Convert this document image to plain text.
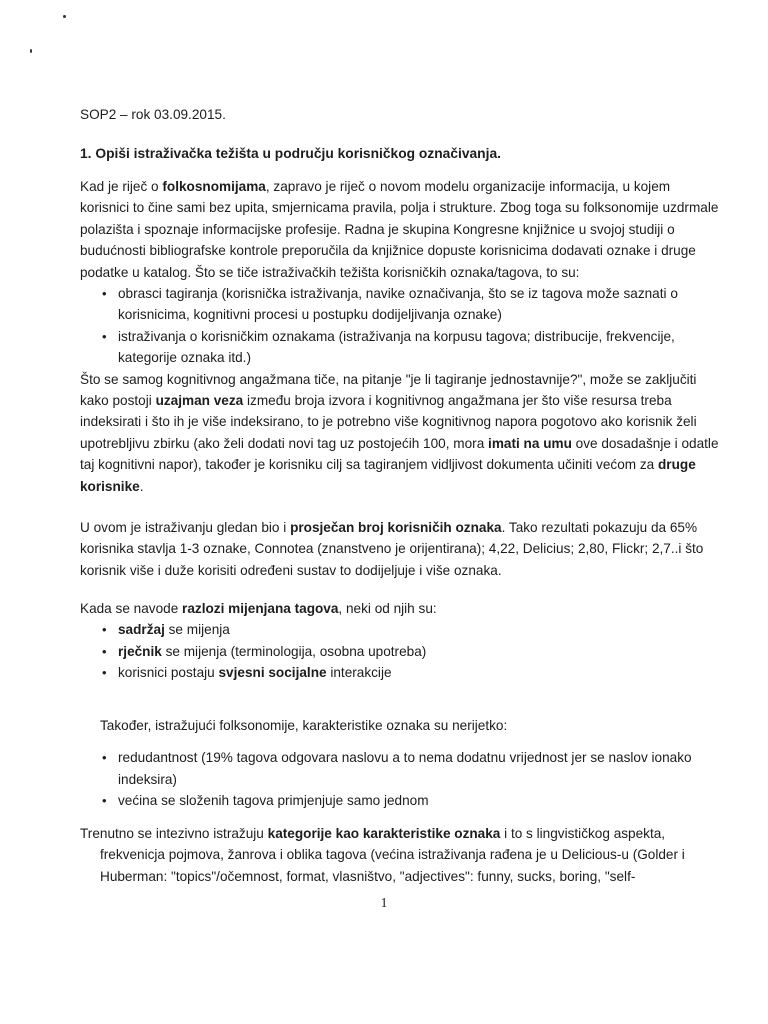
SOP2 – rok 03.09.2015.
1. Opiši istraživačka težišta u području korisničkog označivanja.

Kad je riječ o folkosnomijama, zapravo je riječ o novom modelu organizacije informacija, u kojem korisnici to čine sami bez upita, smjernicama pravila, polja i strukture. Zbog toga su folksonomije uzdrmale polazišta i spoznaje informacijske profesije. Radna je skupina Kongresne knjižnice u svojoj studiji o budućnosti bibliografske kontrole preporučila da knjižnice dopuste korisnicima dodavati oznake i druge podatke u katalog. Što se tiče istraživačkih težišta korisničkih oznaka/tagova, to su:

• obrasci tagiranja (korisnička istraživanja, navike označivanja, što se iz tagova može saznati o korisnicima, kognitivni procesi u postupku dodijeljivanja oznake)
• istraživanja o korisničkim oznakama (istraživanja na korpusu tagova; distribucije, frekvencije, kategorije oznaka itd.)

Što se samog kognitivnog angažmana tiče, na pitanje "je li tagiranje jednostavnije?", može se zaključiti kako postoji uzajman veza između broja izvora i kognitivnog angažmana jer što više resursa treba indeksirati i što ih je više indeksirano, to je potrebno više kognitivnog napora pogotovo ako korisnik želi upotrebljivu zbirku (ako želi dodati novi tag uz postojećih 100, mora imati na umu ove dosadašnje i odatle taj kognitivni napor), također je korisniku cilj sa tagiranjem vidljivost dokumenta učiniti većom za druge korisnike.

U ovom je istraživanju gledan bio i prosječan broj korisničih oznaka. Tako rezultati pokazuju da 65% korisnika stavlja 1-3 oznake, Connotea (znanstveno je orijentirana); 4,22, Delicius; 2,80, Flickr; 2,7..i što korisnik više i duže korisiti određeni sustav to dodijeljuje i više oznaka.

Kada se navode razlozi mijenjana tagova, neki od njih su:

• sadržaj se mijenja
• rječnik se mijenja (terminologija, osobna upotreba)
• korisnici postaju svjesni socijalne interakcije

Također, istražujući folksonomije, karakteristike oznaka su nerijetko:

• redudantnost (19% tagova odgovara naslovu a to nema dodatnu vrijednost jer se naslov ionako indeksira)
• većina se složenih tagova primjenjuje samo jednom

Trenutno se intezivno istražuju kategorije kao karakteristike oznaka i to s lingvističkog aspekta, frekvenicja pojmova, žanrova i oblika tagova (većina istraživanja rađena je u Delicious-u (Golder i Huberman: "topics"/očemnost, format, vlasništvo, "adjectives": funny, sucks, boring, "self-

1
